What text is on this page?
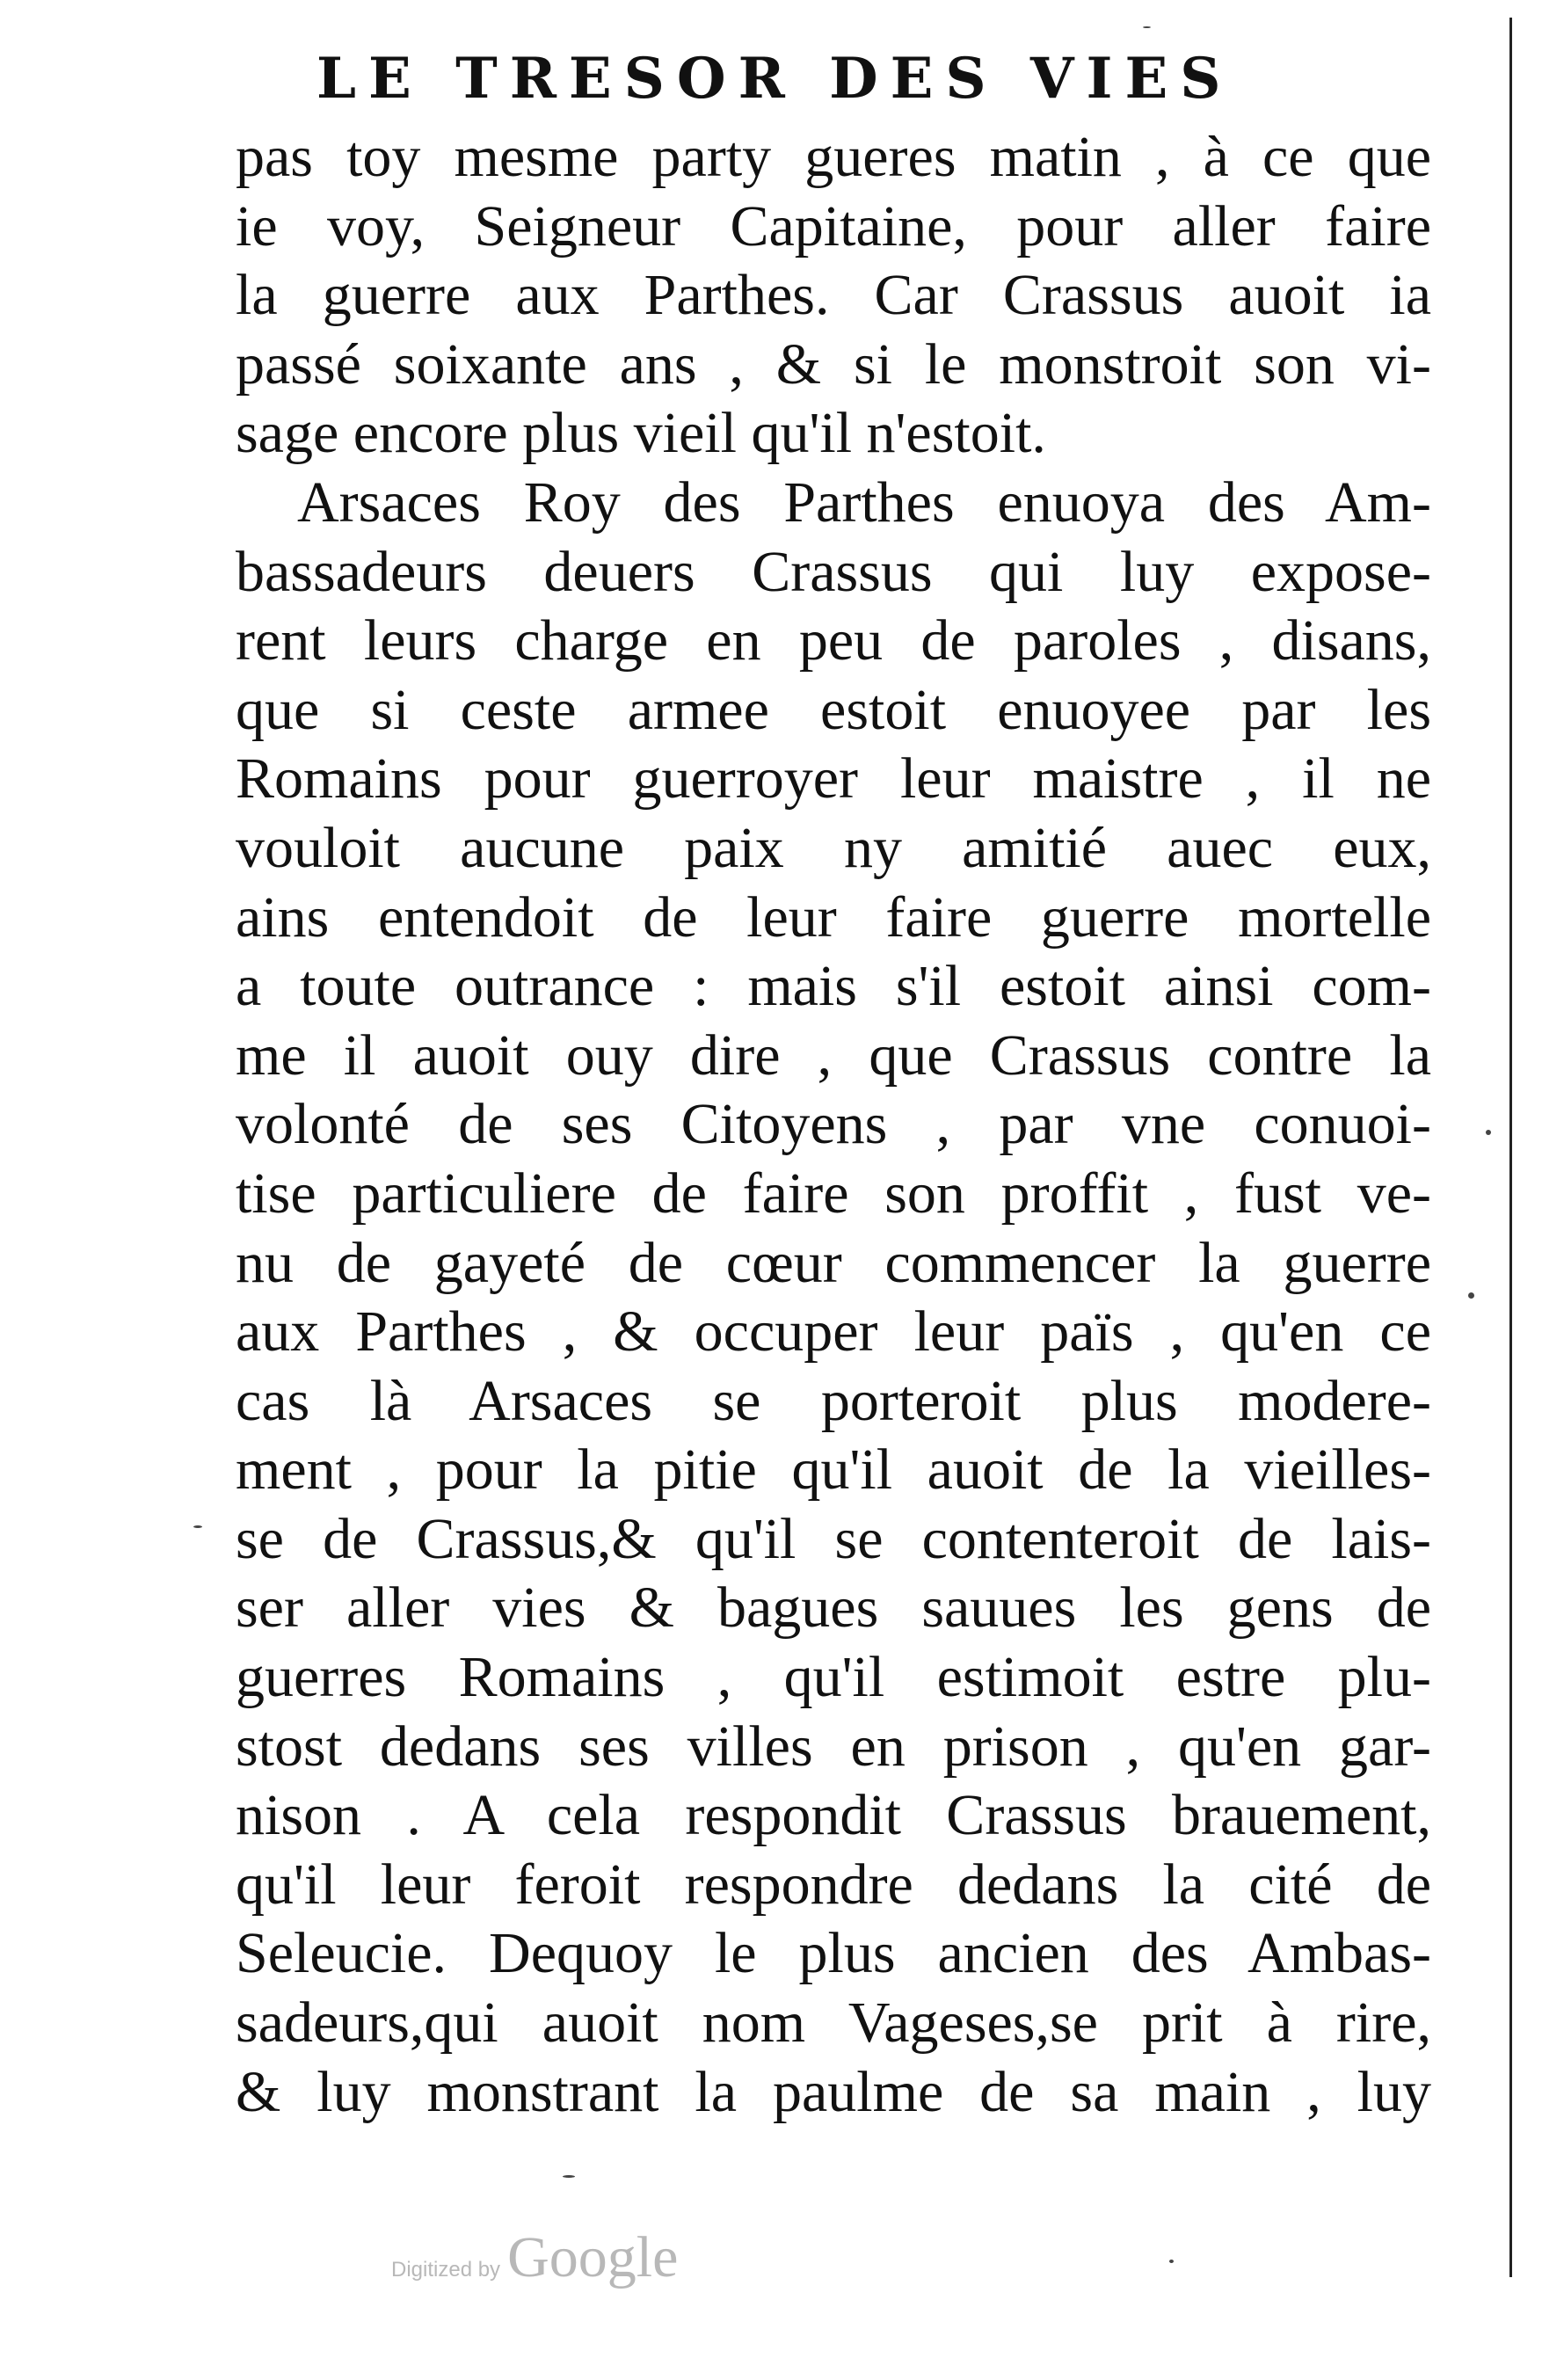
LE TRESOR DES VIES
pas toy mesme party gueres matin , à ce que
ie voy, Seigneur Capitaine, pour aller faire
la guerre aux Parthes. Car Crassus auoit ia
passé soixante ans , & si le monstroit son vi-
sage encore plus vieil qu'il n'estoit.
Arsaces Roy des Parthes enuoya des Am-
bassadeurs deuers Crassus qui luy expose-
rent leurs charge en peu de paroles , disans,
que si ceste armee estoit enuoyee par les
Romains pour guerroyer leur maistre , il ne
vouloit aucune paix ny amitié auec eux,
ains entendoit de leur faire guerre mortelle
a toute outrance : mais s'il estoit ainsi com-
me il auoit ouy dire , que Crassus contre la
volonté de ses Citoyens , par vne conuoi-
tise particuliere de faire son proffit , fust ve-
nu de gayeté de cœur commencer la guerre
aux Parthes , & occuper leur païs , qu'en ce
cas là Arsaces se porteroit plus modere-
ment , pour la pitie qu'il auoit de la vieilles-
se de Crassus,& qu'il se contenteroit de lais-
ser aller vies & bagues sauues les gens de
guerres Romains , qu'il estimoit estre plu-
stost dedans ses villes en prison , qu'en gar-
nison . A cela respondit Crassus brauement,
qu'il leur feroit respondre dedans la cité de
Seleucie. Dequoy le plus ancien des Ambas-
sadeurs,qui auoit nom Vageses,se prit à rire,
& luy monstrant la paulme de sa main , luy
Digitized by Google
